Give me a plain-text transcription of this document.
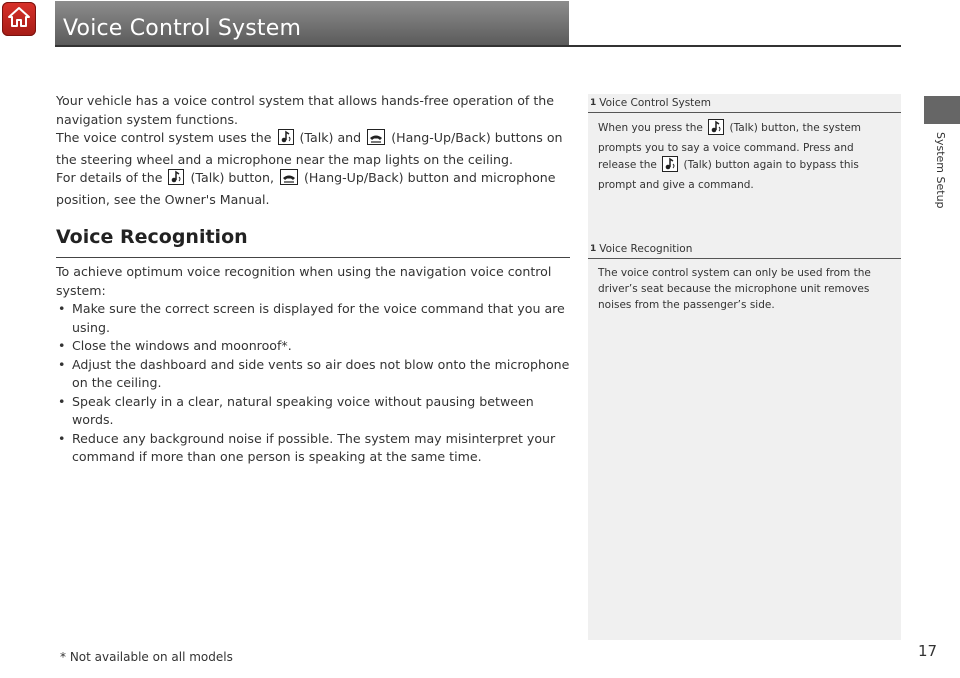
Voice Control System
System Setup

Your vehicle has a voice control system that allows hands-free operation of the navigation system functions.

The voice control system uses the (Talk) and (Hang-Up/Back) buttons on the steering wheel and a microphone near the map lights on the ceiling.

For details of the (Talk) button, (Hang-Up/Back) button and microphone position, see the Owner's Manual.

Voice Recognition

To achieve optimum voice recognition when using the navigation voice control system:

• Make sure the correct screen is displayed for the voice command that you are using.
• Close the windows and moonroof*.
• Adjust the dashboard and side vents so air does not blow onto the microphone on the ceiling.
• Speak clearly in a clear, natural speaking voice without pausing between words.
• Reduce any background noise if possible. The system may misinterpret your command if more than one person is speaking at the same time.
1 Voice Control System
When you press the	(Talk) button, the system prompts you to say a voice command. Press and release the	(Talk) button again to bypass this prompt and give a command.
1 Voice Recognition
The voice control system can only be used from the driver’s seat because the microphone unit removes noises from the passenger’s side.
* Not available on all models	17
